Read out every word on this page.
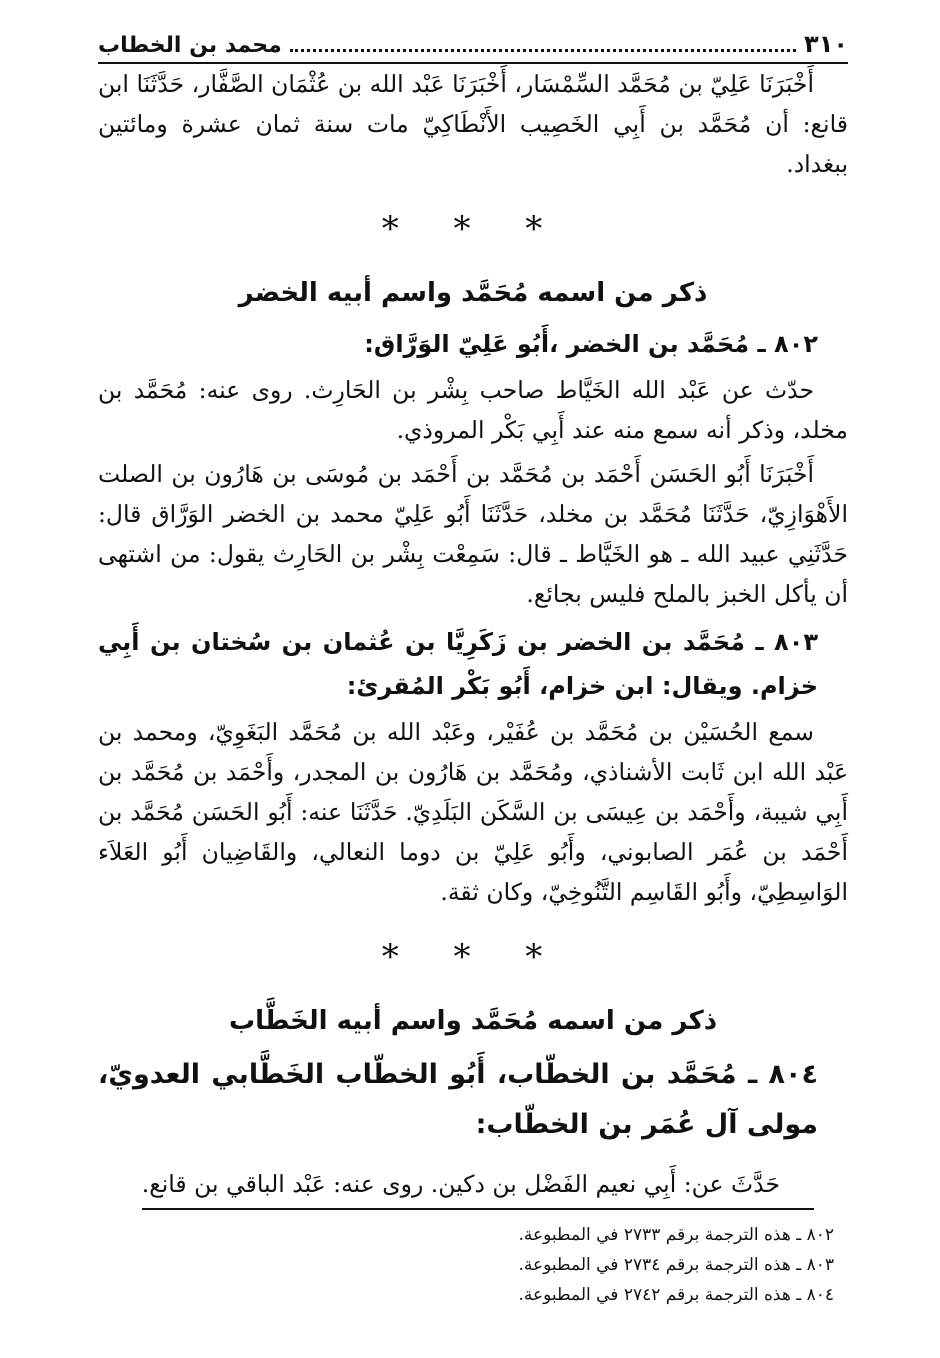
٣١٠
محمد بن الخطاب

أَخْبَرَنَا عَلِيّ بن مُحَمَّد السِّمْسَار، أَخْبَرَنَا عَبْد الله بن عُثْمَان الصَّفَّار، حَدَّثَنَا ابن قانع: أن مُحَمَّد بن أَبِي الخَصِيب الأَنْطَاكِيّ مات سنة ثمان عشرة ومائتين ببغداد.

* * *
ذكر من اسمه مُحَمَّد واسم أبيه الخضر
٨٠٢ ـ مُحَمَّد بن الخضر ،أَبُو عَلِيّ الوَرَّاق:

حدّث عن عَبْد الله الخَيَّاط صاحب بِشْر بن الحَارِث. روى عنه: مُحَمَّد بن مخلد، وذكر أنه سمع منه عند أَبِي بَكْر المروذي.

أَخْبَرَنَا أَبُو الحَسَن أَحْمَد بن مُحَمَّد بن أَحْمَد بن مُوسَى بن هَارُون بن الصلت الأَهْوَازِيّ، حَدَّثَنَا مُحَمَّد بن مخلد، حَدَّثَنَا أَبُو عَلِيّ محمد بن الخضر الوَرَّاق قال: حَدَّثَنِي عبيد الله ـ هو الخَيَّاط ـ قال: سَمِعْت بِشْر بن الحَارِث يقول: من اشتهى أن يأكل الخبز بالملح فليس بجائع.

٨٠٣ ـ مُحَمَّد بن الخضر بن زَكَرِيَّا بن عُثمان بن سُختان بن أَبِي خزام. ويقال: ابن خزام، أَبُو بَكْر المُقرئ:

سمع الحُسَيْن بن مُحَمَّد بن عُفَيْر، وعَبْد الله بن مُحَمَّد البَغَوِيّ، ومحمد بن عَبْد الله ابن ثَابت الأشناذي، ومُحَمَّد بن هَارُون بن المجدر، وأَحْمَد بن مُحَمَّد بن أَبِي شيبة، وأَحْمَد بن عِيسَى بن السَّكَن البَلَدِيّ. حَدَّثَنَا عنه: أَبُو الحَسَن مُحَمَّد بن أَحْمَد بن عُمَر الصابوني، وأَبُو عَلِيّ بن دوما النعالي، والقَاضِيان أَبُو العَلاَء الوَاسِطِيّ، وأَبُو القَاسِم التَّنُوخِيّ، وكان ثقة.

* * *
ذكر من اسمه مُحَمَّد واسم أبيه الخَطَّاب
٨٠٤ ـ مُحَمَّد بن الخطّاب، أَبُو الخطّاب الخَطَّابي العدويّ، مولى آل عُمَر بن الخطّاب:

حَدَّثَ عن: أَبِي نعيم الفَضْل بن دكين. روى عنه: عَبْد الباقي بن قانع.

٨٠٢ ـ هذه الترجمة برقم ٢٧٣٣ في المطبوعة.
٨٠٣ ـ هذه الترجمة برقم ٢٧٣٤ في المطبوعة.
٨٠٤ ـ هذه الترجمة برقم ٢٧٤٢ في المطبوعة.
